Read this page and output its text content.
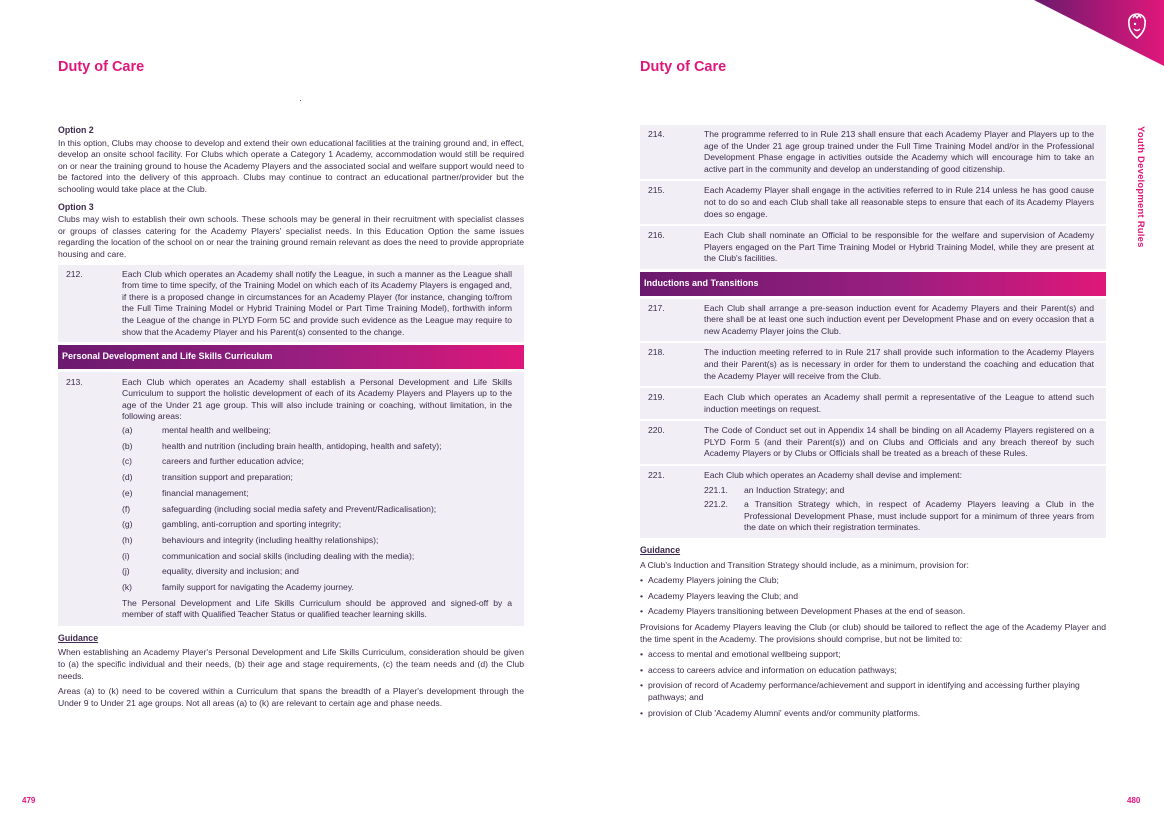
Duty of Care
Option 2

In this option, Clubs may choose to develop and extend their own educational facilities at the training ground and, in effect, develop an onsite school facility. For Clubs which operate a Category 1 Academy, accommodation would still be required on or near the training ground to house the Academy Players and the associated social and welfare support would need to be factored into the delivery of this approach. Clubs may continue to contract an educational partner/provider but the schooling would take place at the Club.

Option 3

Clubs may wish to establish their own schools. These schools may be general in their recruitment with specialist classes or groups of classes catering for the Academy Players' specialist needs. In this Education Option the same issues regarding the location of the school on or near the training ground remain relevant as does the need to provide appropriate housing and care.

212.	Each Club which operates an Academy shall notify the League, in such a manner as the League shall from time to time specify, of the Training Model on which each of its Academy Players is engaged and, if there is a proposed change in circumstances for an Academy Player (for instance, changing to/from the Full Time Training Model or Hybrid Training Model or Part Time Training Model), forthwith inform the League of the change in PLYD Form 5C and provide such evidence as the League may require to show that the Academy Player and his Parent(s) consented to the change.
Personal Development and Life Skills Curriculum
213.	Each Club which operates an Academy shall establish a Personal Development and Life Skills Curriculum to support the holistic development of each of its Academy Players and Players up to the age of the Under 21 age group. This will also include training or coaching, without limitation, in the following areas:
(a)	mental health and wellbeing;
(b)	health and nutrition (including brain health, antidoping, health and safety);
(c)	careers and further education advice;
(d)	transition support and preparation;
(e)	financial management;
(f)	safeguarding (including social media safety and Prevent/Radicalisation);
(g)	gambling, anti-corruption and sporting integrity;
(h)	behaviours and integrity (including healthy relationships);
(i)	communication and social skills (including dealing with the media);
(j)	equality, diversity and inclusion; and
(k)	family support for navigating the Academy journey.
The Personal Development and Life Skills Curriculum should be approved and signed-off by a member of staff with Qualified Teacher Status or qualified teacher learning skills.
Guidance

When establishing an Academy Player's Personal Development and Life Skills Curriculum, consideration should be given to (a) the specific individual and their needs, (b) their age and stage requirements, (c) the team needs and (d) the Club needs.

Areas (a) to (k) need to be covered within a Curriculum that spans the breadth of a Player's development through the Under 9 to Under 21 age groups. Not all areas (a) to (k) are relevant to certain age and phase needs.

479
Duty of Care
Youth Development Rules
214.	The programme referred to in Rule 213 shall ensure that each Academy Player and Players up to the age of the Under 21 age group trained under the Full Time Training Model and/or in the Professional Development Phase engage in activities outside the Academy which will encourage him to take an active part in the community and develop an understanding of good citizenship.
215.	Each Academy Player shall engage in the activities referred to in Rule 214 unless he has good cause not to do so and each Club shall take all reasonable steps to ensure that each of its Academy Players does so engage.
216.	Each Club shall nominate an Official to be responsible for the welfare and supervision of Academy Players engaged on the Part Time Training Model or Hybrid Training Model, while they are present at the Club's facilities.
Inductions and Transitions
217.	Each Club shall arrange a pre-season induction event for Academy Players and their Parent(s) and there shall be at least one such induction event per Development Phase and on every occasion that a new Academy Player joins the Club.
218.	The induction meeting referred to in Rule 217 shall provide such information to the Academy Players and their Parent(s) as is necessary in order for them to understand the coaching and education that the Academy Player will receive from the Club.
219.	Each Club which operates an Academy shall permit a representative of the League to attend such induction meetings on request.
220.	The Code of Conduct set out in Appendix 14 shall be binding on all Academy Players registered on a PLYD Form 5 (and their Parent(s)) and on Clubs and Officials and any breach thereof by such Academy Players or by Clubs or Officials shall be treated as a breach of these Rules.
221.	Each Club which operates an Academy shall devise and implement:
221.1.	an Induction Strategy; and
221.2.	a Transition Strategy which, in respect of Academy Players leaving a Club in the Professional Development Phase, must include support for a minimum of three years from the date on which their registration terminates.
Guidance

A Club's Induction and Transition Strategy should include, as a minimum, provision for:

• Academy Players joining the Club;
• Academy Players leaving the Club; and
• Academy Players transitioning between Development Phases at the end of season.

Provisions for Academy Players leaving the Club (or club) should be tailored to reflect the age of the Academy Player and the time spent in the Academy. The provisions should comprise, but not be limited to:

• access to mental and emotional wellbeing support;
• access to careers advice and information on education pathways;
• provision of record of Academy performance/achievement and support in identifying and accessing further playing pathways; and
• provision of Club 'Academy Alumni' events and/or community platforms.
480
